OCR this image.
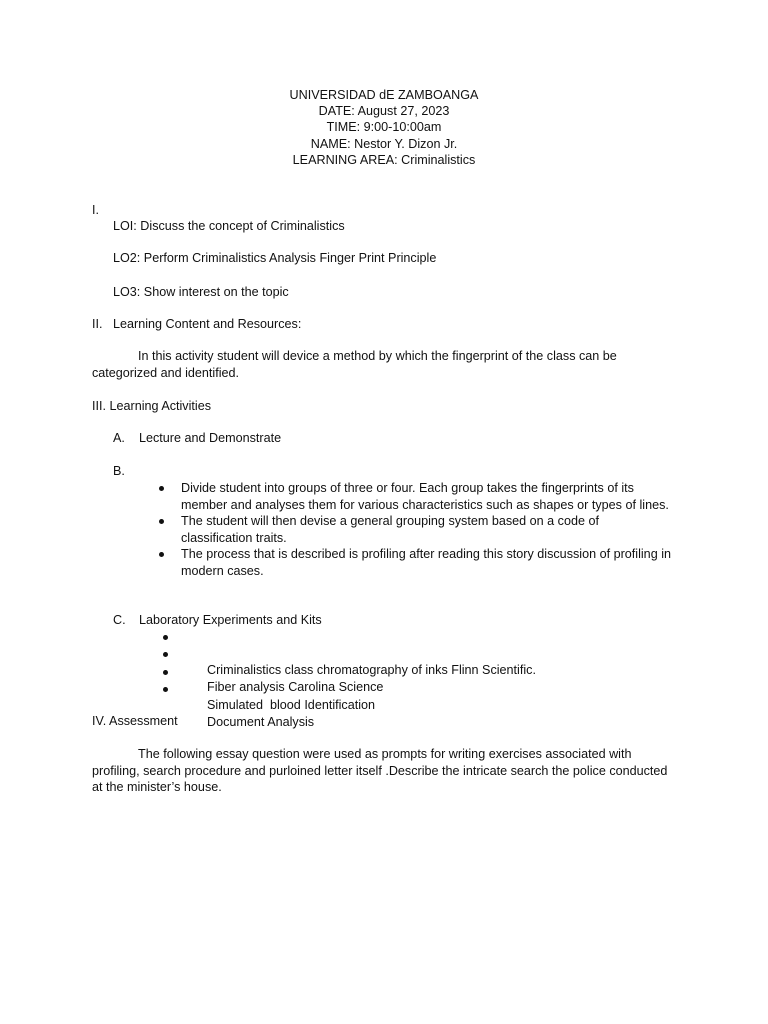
UNIVERSIDAD dE ZAMBOANGA
DATE: August 27, 2023
TIME: 9:00-10:00am
NAME: Nestor Y. Dizon Jr.
LEARNING AREA: Criminalistics
I.
LOI: Discuss the concept of Criminalistics
LO2: Perform Criminalistics Analysis Finger Print Principle
LO3: Show interest on the topic
II.   Learning Content and Resources:

In this activity student will device a method by which the fingerprint of the class can be categorized and identified.

III. Learning Activities
A. Lecture and Demonstrate
B.
Divide student into groups of three or four. Each group takes the fingerprints of its member and analyses them for various characteristics such as shapes or types of lines.
The student will then devise a general grouping system based on a code of classification traits.
The process that is described is profiling after reading this story discussion of profiling in modern cases.
C. Laboratory Experiments and Kits

Criminalistics class chromatography of inks Flinn Scientific.

Fiber analysis Carolina Science

Simulated  blood Identification

Document Analysis

IV. Assessment

The following essay question were used as prompts for writing exercises associated with profiling, search procedure and purloined letter itself .Describe the intricate search the police conducted at the minister’s house.
